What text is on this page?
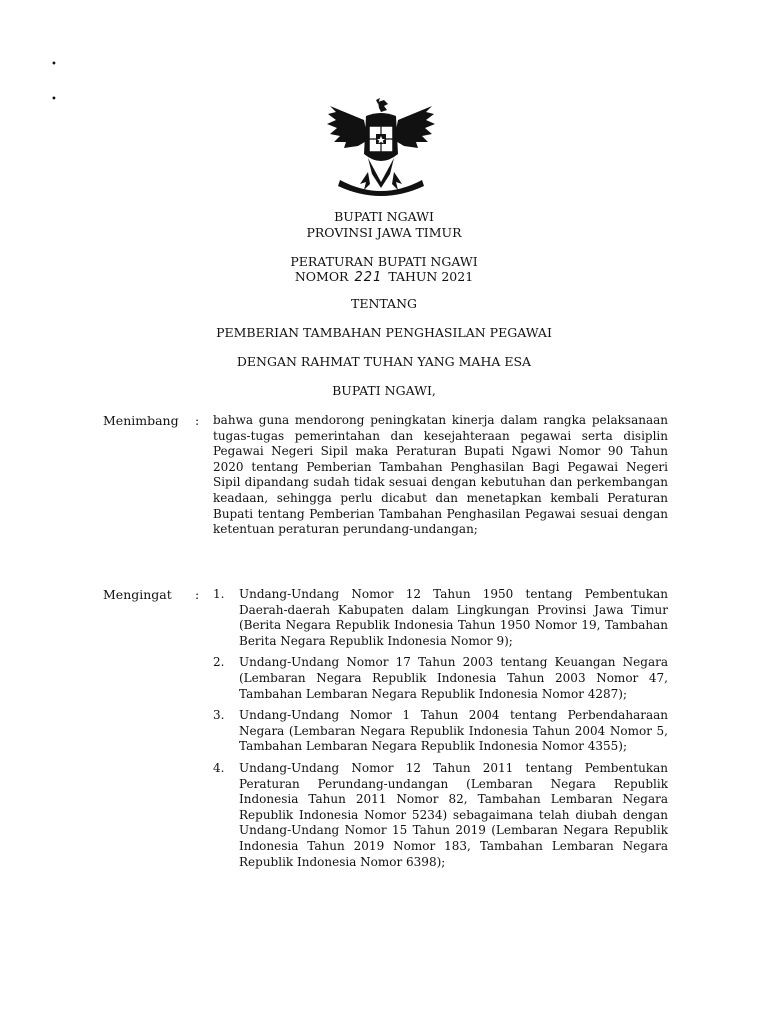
•
•
BUPATI NGAWI
PROVINSI JAWA TIMUR
PERATURAN BUPATI NGAWI
NOMOR 221 TAHUN 2021
TENTANG
PEMBERIAN TAMBAHAN PENGHASILAN PEGAWAI
DENGAN RAHMAT TUHAN YANG MAHA ESA
BUPATI NGAWI,
Menimbang : bahwa guna mendorong peningkatan kinerja dalam rangka pelaksanaan tugas-tugas pemerintahan dan kesejahteraan pegawai serta disiplin Pegawai Negeri Sipil maka Peraturan Bupati Ngawi Nomor 90 Tahun 2020 tentang Pemberian Tambahan Penghasilan Bagi Pegawai Negeri Sipil dipandang sudah tidak sesuai dengan kebutuhan dan perkembangan keadaan, sehingga perlu dicabut dan menetapkan kembali Peraturan Bupati tentang Pemberian Tambahan Penghasilan Pegawai sesuai dengan ketentuan peraturan perundang-undangan;
Mengingat : 1.	Undang-Undang Nomor 12 Tahun 1950 tentang Pembentukan Daerah-daerah Kabupaten dalam Lingkungan Provinsi Jawa Timur (Berita Negara Republik Indonesia Tahun 1950 Nomor 19, Tambahan Berita Negara Republik Indonesia Nomor 9);
2.	Undang-Undang Nomor 17 Tahun 2003 tentang Keuangan Negara (Lembaran Negara Republik Indonesia Tahun 2003 Nomor 47, Tambahan Lembaran Negara Republik Indonesia Nomor 4287);
3.	Undang-Undang Nomor 1 Tahun 2004 tentang Perbendaharaan Negara (Lembaran Negara Republik Indonesia Tahun 2004 Nomor 5, Tambahan Lembaran Negara Republik Indonesia Nomor 4355);
4.	Undang-Undang Nomor 12 Tahun 2011 tentang Pembentukan Peraturan Perundang-undangan (Lembaran Negara Republik Indonesia Tahun 2011 Nomor 82, Tambahan Lembaran Negara Republik Indonesia Nomor 5234) sebagaimana telah diubah dengan Undang-Undang Nomor 15 Tahun 2019 (Lembaran Negara Republik Indonesia Tahun 2019 Nomor 183, Tambahan Lembaran Negara Republik Indonesia Nomor 6398);
